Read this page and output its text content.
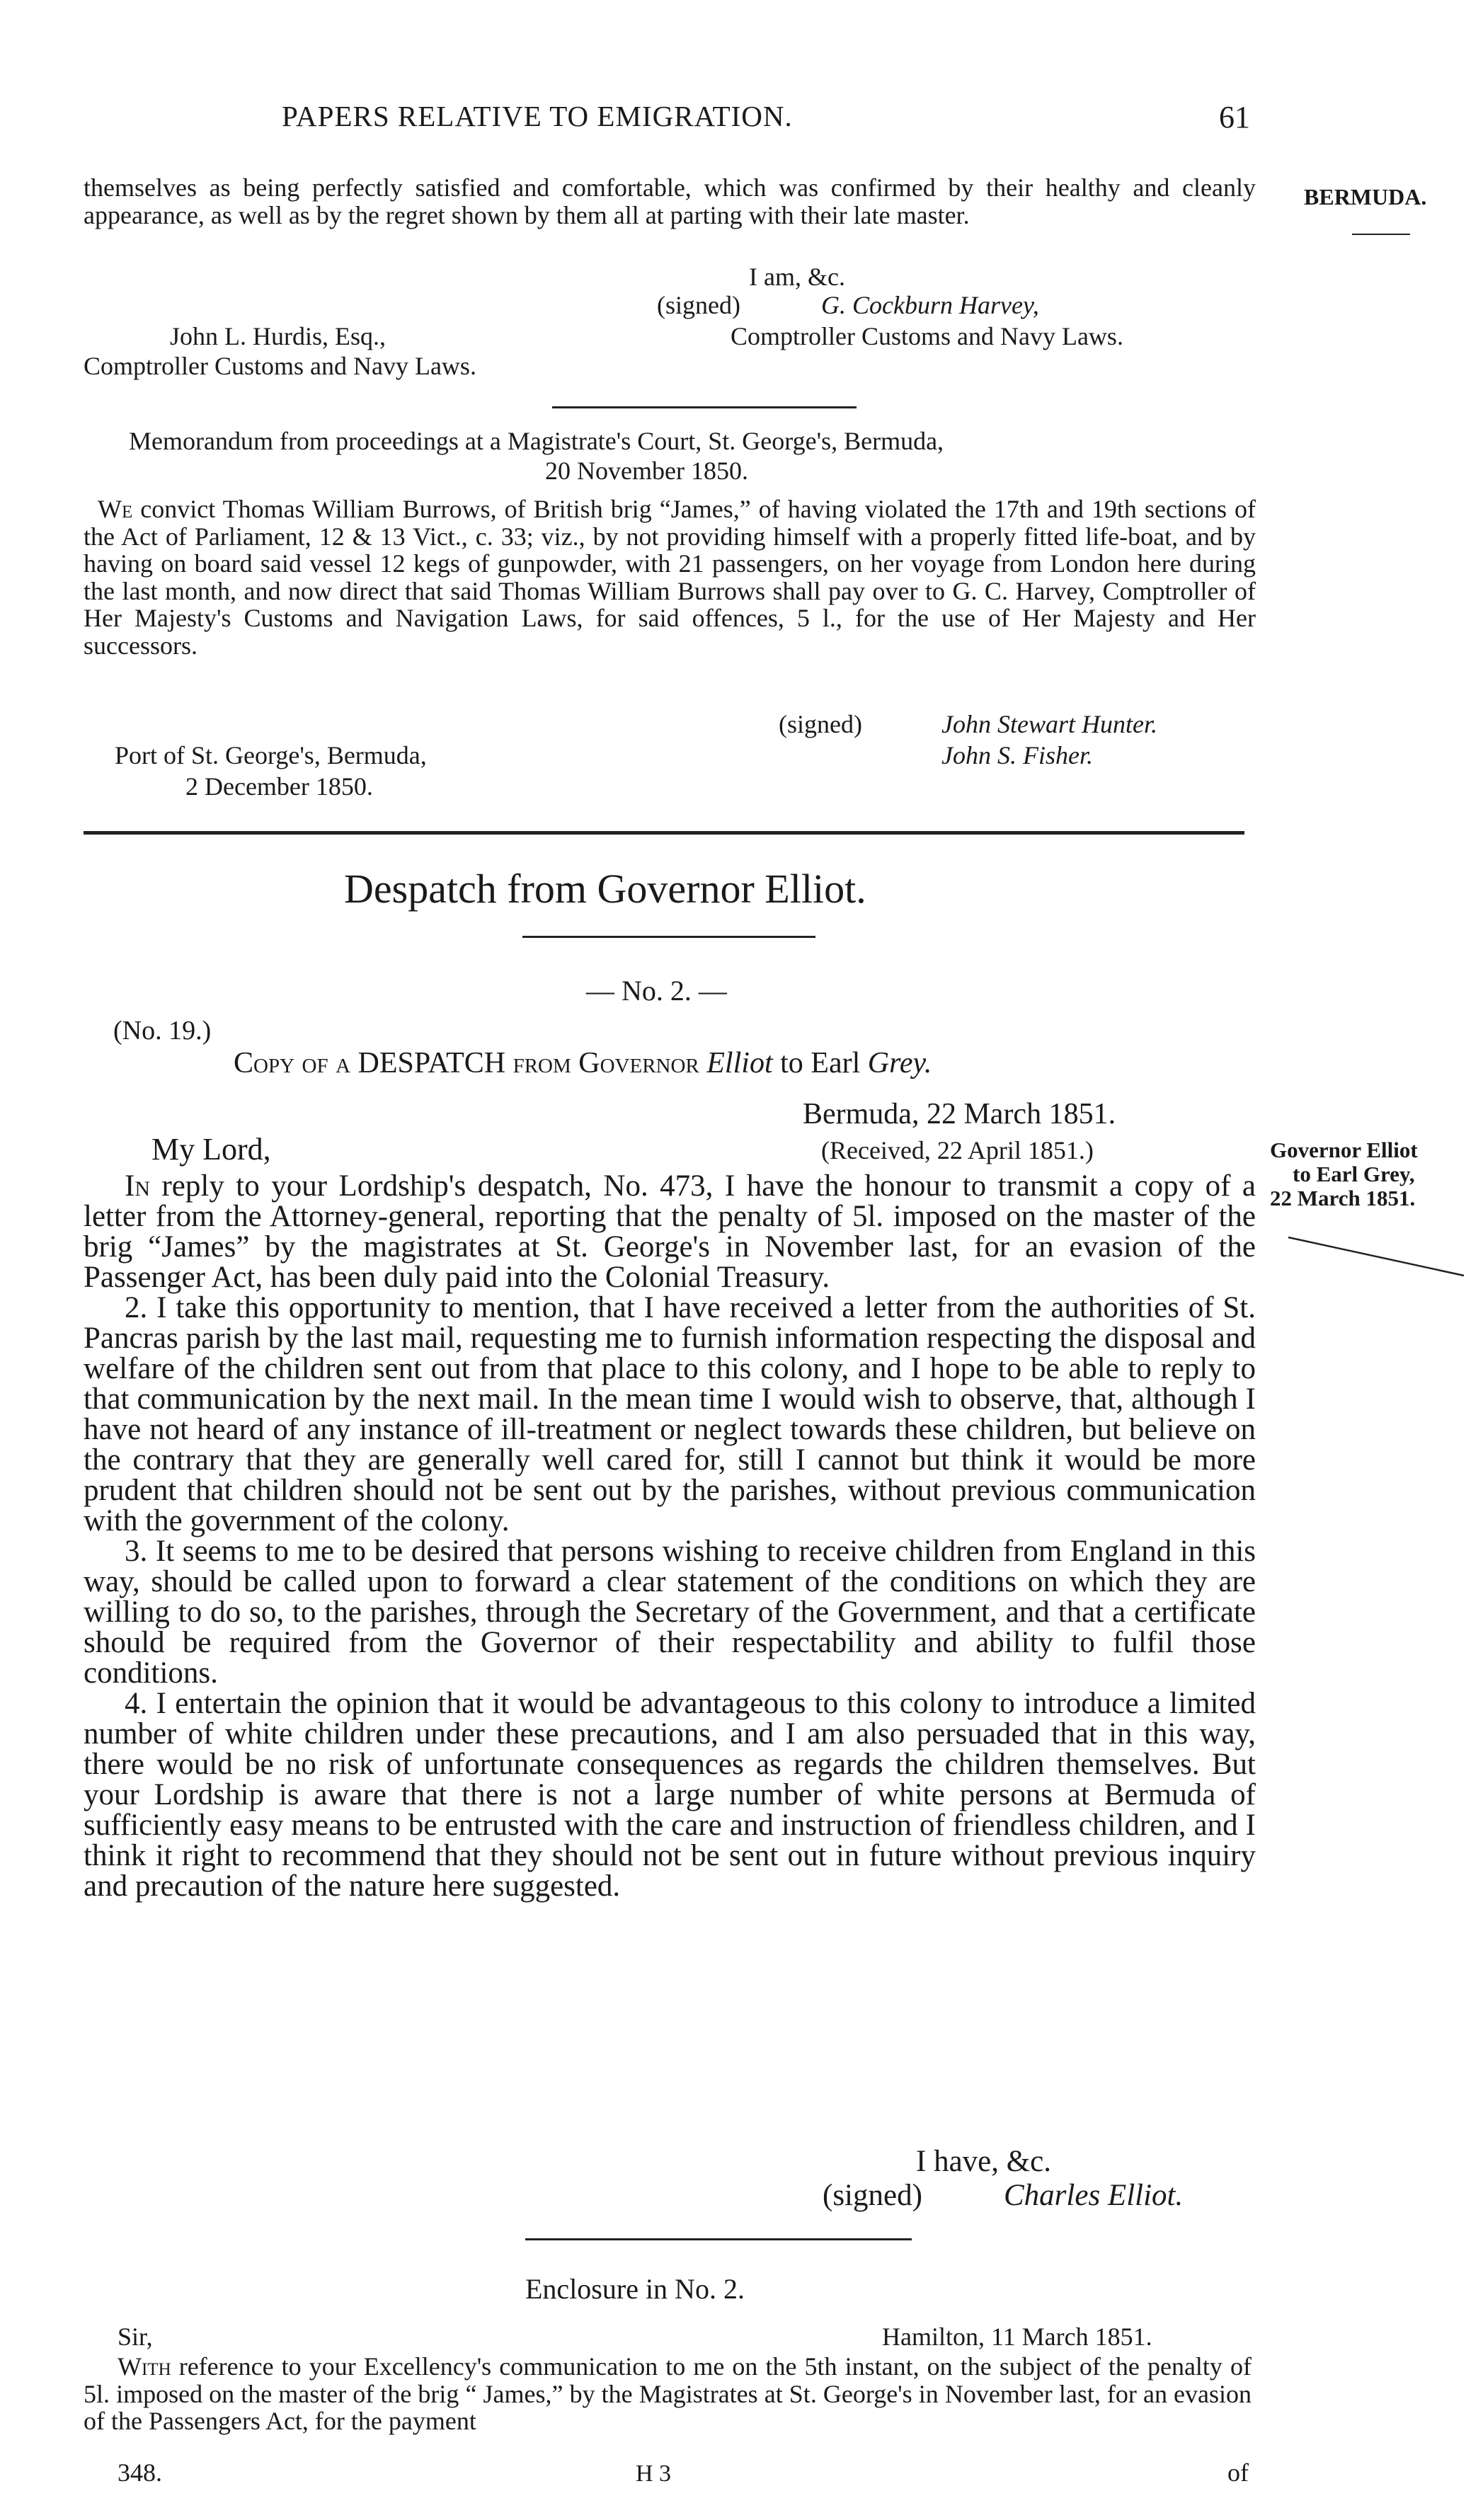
PAPERS RELATIVE TO EMIGRATION.	61
BERMUDA.
Governor Elliot
to Earl Grey,
22 March 1851.
themselves as being perfectly satisfied and comfortable, which was confirmed by their healthy and cleanly appearance, as well as by the regret shown by them all at parting with their late master.
I am, &c.
(signed)	G. Cockburn Harvey,
John L. Hurdis, Esq.,	Comptroller Customs and Navy Laws.
Comptroller Customs and Navy Laws.
Memorandum from proceedings at a Magistrate's Court, St. George's, Bermuda,
20 November 1850.
We convict Thomas William Burrows, of British brig “James,” of having violated the 17th and 19th sections of the Act of Parliament, 12 & 13 Vict., c. 33; viz., by not providing himself with a properly fitted life-boat, and by having on board said vessel 12 kegs of gunpowder, with 21 passengers, on her voyage from London here during the last month, and now direct that said Thomas William Burrows shall pay over to G. C. Harvey, Comptroller of Her Majesty's Customs and Navigation Laws, for said offences, 5 l., for the use of Her Majesty and Her successors.
(signed)	John Stewart Hunter.
Port of St. George's, Bermuda,	John S. Fisher.
2 December 1850.
Despatch from Governor Elliot.
— No. 2. —
(No. 19.)
Copy of a DESPATCH from Governor Elliot to Earl Grey.
Bermuda, 22 March 1851.
My Lord,	(Received, 22 April 1851.)

In reply to your Lordship's despatch, No. 473, I have the honour to transmit a copy of a letter from the Attorney-general, reporting that the penalty of 5l. imposed on the master of the brig “James” by the magistrates at St. George's in November last, for an evasion of the Passenger Act, has been duly paid into the Colonial Treasury.

2. I take this opportunity to mention, that I have received a letter from the authorities of St. Pancras parish by the last mail, requesting me to furnish information respecting the disposal and welfare of the children sent out from that place to this colony, and I hope to be able to reply to that communication by the next mail. In the mean time I would wish to observe, that, although I have not heard of any instance of ill-treatment or neglect towards these children, but believe on the contrary that they are generally well cared for, still I cannot but think it would be more prudent that children should not be sent out by the parishes, without previous communication with the government of the colony.

3. It seems to me to be desired that persons wishing to receive children from England in this way, should be called upon to forward a clear statement of the conditions on which they are willing to do so, to the parishes, through the Secretary of the Government, and that a certificate should be required from the Governor of their respectability and ability to fulfil those conditions.

4. I entertain the opinion that it would be advantageous to this colony to introduce a limited number of white children under these precautions, and I am also persuaded that in this way, there would be no risk of unfortunate consequences as regards the children themselves. But your Lordship is aware that there is not a large number of white persons at Bermuda of sufficiently easy means to be entrusted with the care and instruction of friendless children, and I think it right to recommend that they should not be sent out in future without previous inquiry and precaution of the nature here suggested.

I have, &c.
(signed)	Charles Elliot.
Enclosure in No. 2.
Sir,	Hamilton, 11 March 1851.
With reference to your Excellency's communication to me on the 5th instant, on the subject of the penalty of 5l. imposed on the master of the brig “ James,” by the Magistrates at St. George's in November last, for an evasion of the Passengers Act, for the payment
348.	H 3	of
